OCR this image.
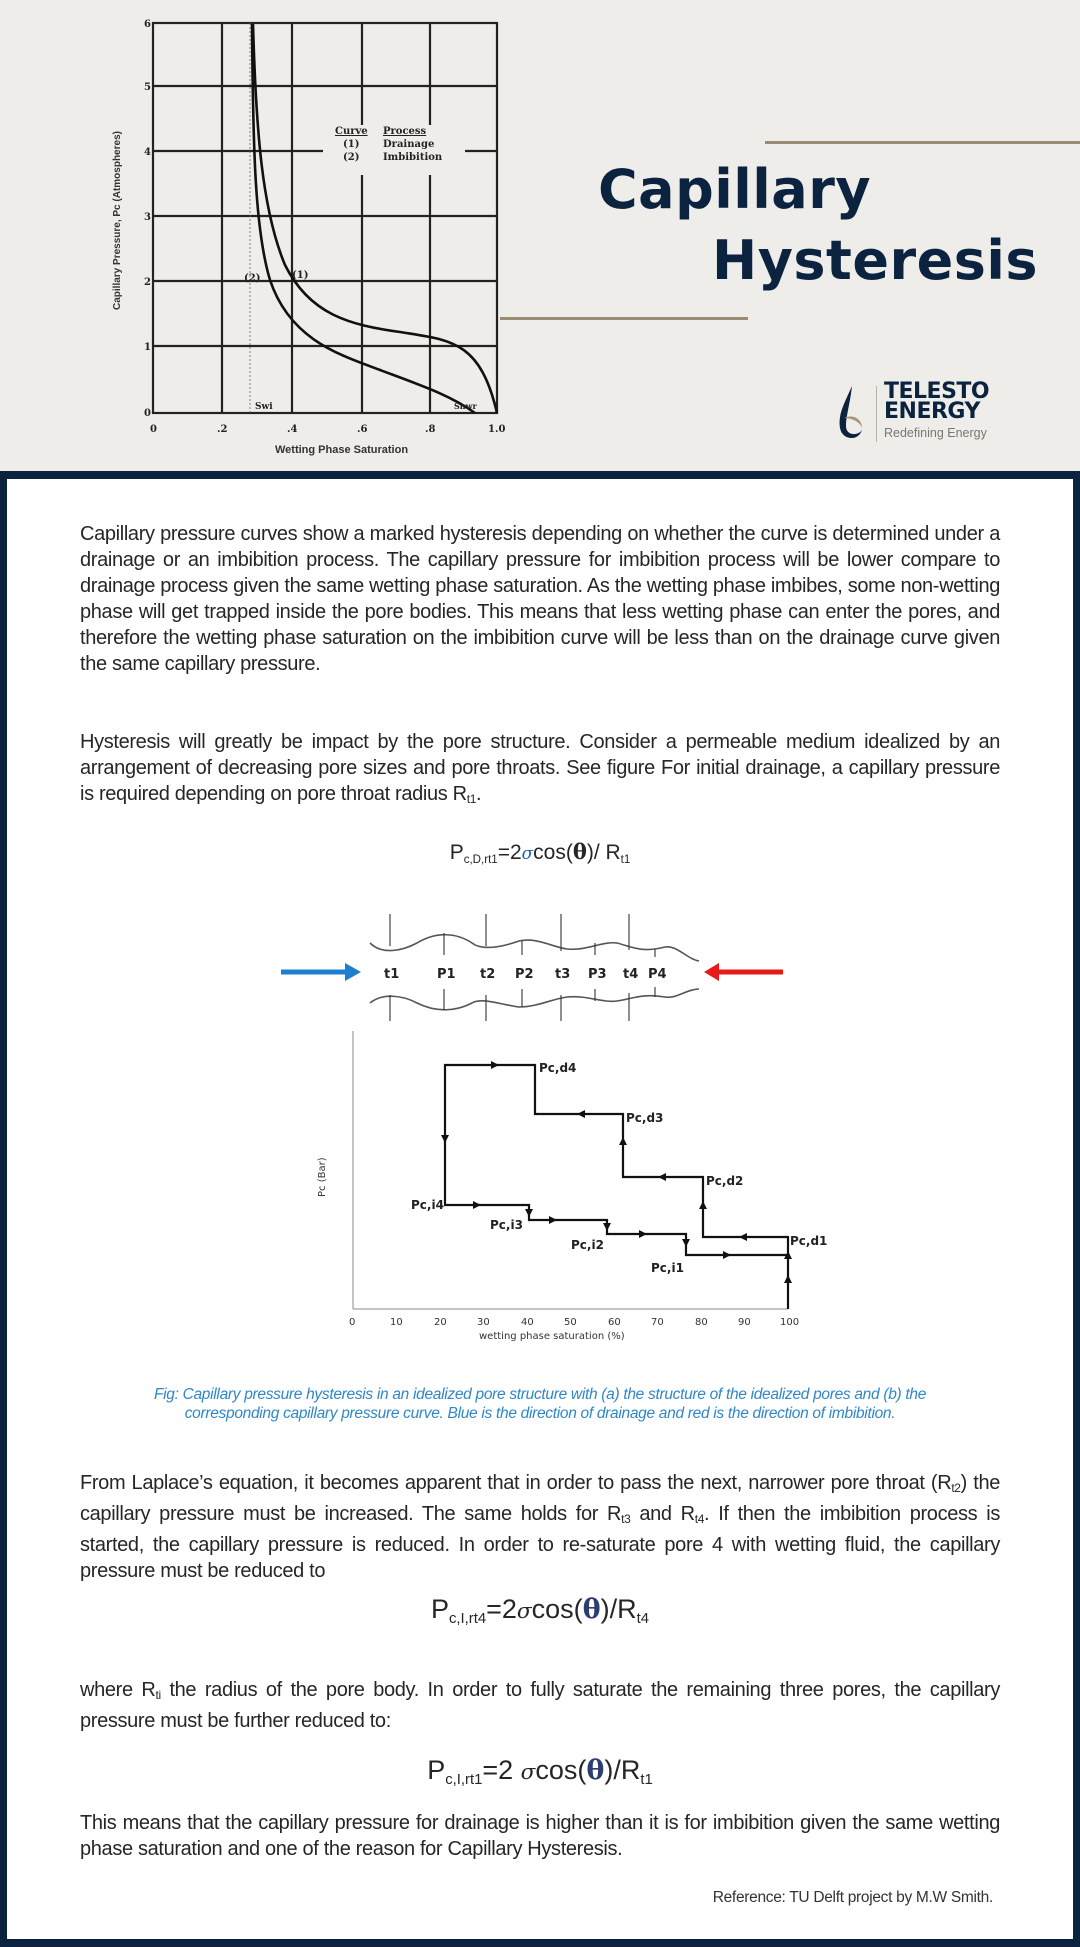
6
5
4
3
2
1
0
0	.2	.4	.6	.8	1.0
Wetting Phase Saturation
Capillary Pressure, Pc (Atmospheres)	Curve Process
(1) Drainage
(2) Imbibition
(1)
(2)
Swi	Snwr
Capillary
Hysteresis
TELESTO
ENERGY
Redefining Energy

Capillary pressure curves show a marked hysteresis depending on whether the curve is determined under a drainage or an imbibition process. The capillary pressure for imbibition process will be lower compare to drainage process given the same wetting phase saturation. As the wetting phase imbibes, some non-wetting phase will get trapped inside the pore bodies. This means that less wetting phase can enter the pores, and therefore the wetting phase saturation on the imbibition curve will be less than on the drainage curve given the same capillary pressure.

Hysteresis will greatly be impact by the pore structure. Consider a permeable medium idealized by an arrangement of decreasing pore sizes and pore throats. See figure For initial drainage, a capillary pressure is required depending on pore throat radius $R_{t1}$.

$P_{c,D,rt1}=2\sigma\cos(\theta)/$ $R_{t1}$
t1	P1 t2 P2 t3 P3 t4 P4
Pc,d4
Pc,d3
Pc,d2
Pc,d1
Pc,i4
Pc,i3
Pc,i2
Pc,i1
0	10	20	30	40	50	60	70	80	90	100
wetting phase saturation (%)
Pc (Bar)
Fig: Capillary pressure hysteresis in an idealized pore structure with (a) the structure of the idealized pores and (b) the corresponding capillary pressure curve. Blue is the direction of drainage and red is the direction of imbibition.

From Laplace’s equation, it becomes apparent that in order to pass the next, narrower pore throat $(R_{t2})$ the capillary pressure must be increased. The same holds for $R_{t3}$ and $R_{t4}$. If then the imbibition process is started, the capillary pressure is reduced. In order to re-saturate pore 4 with wetting fluid, the capillary pressure must be reduced to

$P_{c,I,rt4}=2\sigma\cos(\theta)/R_{t4}$

where $R_{ti}$ the radius of the pore body. In order to fully saturate the remaining three pores, the capillary pressure must be further reduced to:

$P_{c,I,rt1}=2$ $\sigma\cos(\theta)/R_{t1}$

This means that the capillary pressure for drainage is higher than it is for imbibition given the same wetting phase saturation and one of the reason for Capillary Hysteresis.

Reference: TU Delft project by M.W Smith.
